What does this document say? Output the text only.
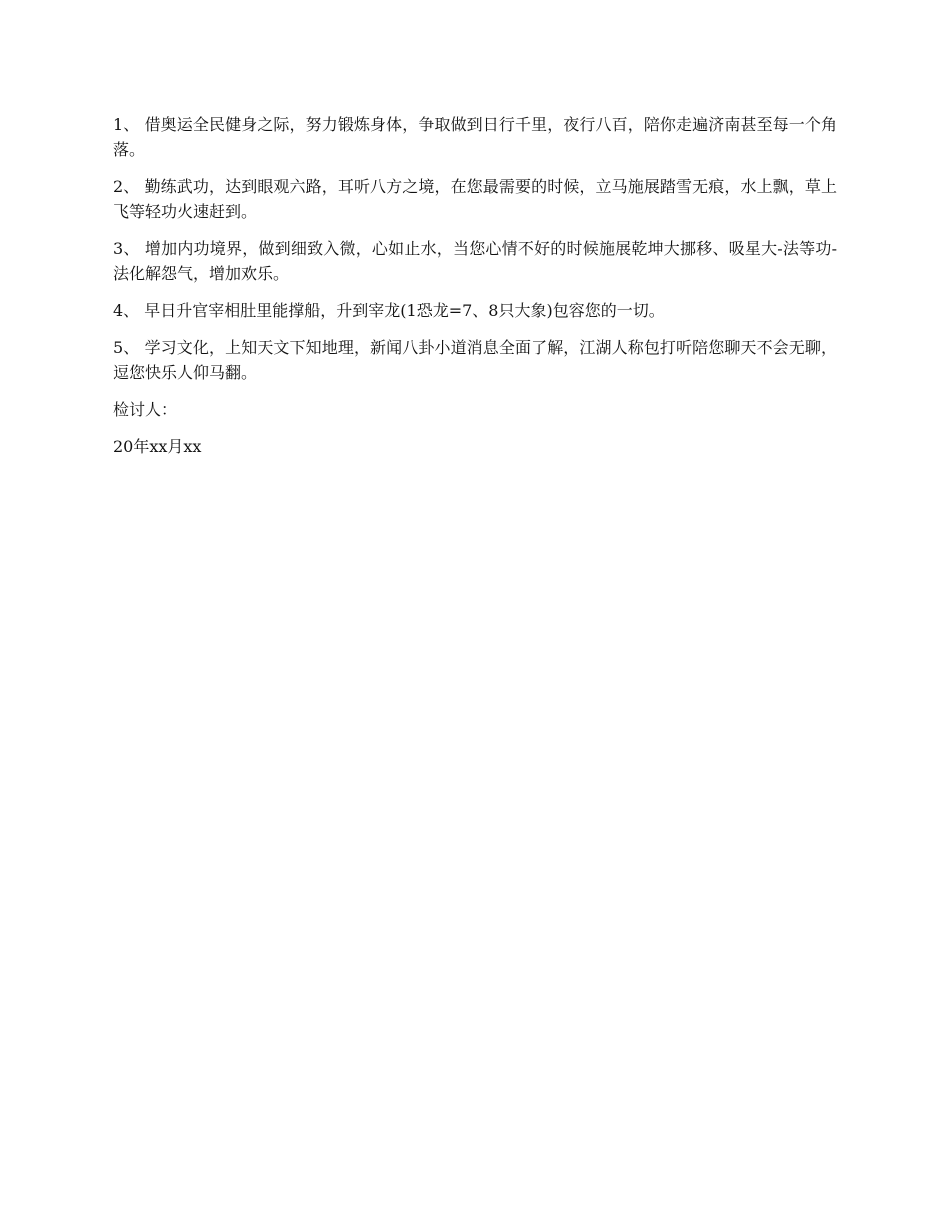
1、 借奥运全民健身之际，努力锻炼身体，争取做到日行千里，夜行八百，陪你走遍济南甚至每一个角落。

2、 勤练武功，达到眼观六路，耳听八方之境，在您最需要的时候，立马施展踏雪无痕，水上飘，草上飞等轻功火速赶到。

3、 增加内功境界，做到细致入微，心如止水，当您心情不好的时候施展乾坤大挪移、吸星大-法等功-法化解怨气，增加欢乐。

4、 早日升官宰相肚里能撑船，升到宰龙(1恐龙=7、8只大象)包容您的一切。

5、 学习文化，上知天文下知地理，新闻八卦小道消息全面了解，江湖人称包打听陪您聊天不会无聊，逗您快乐人仰马翻。

检讨人：

20年xx月xx
